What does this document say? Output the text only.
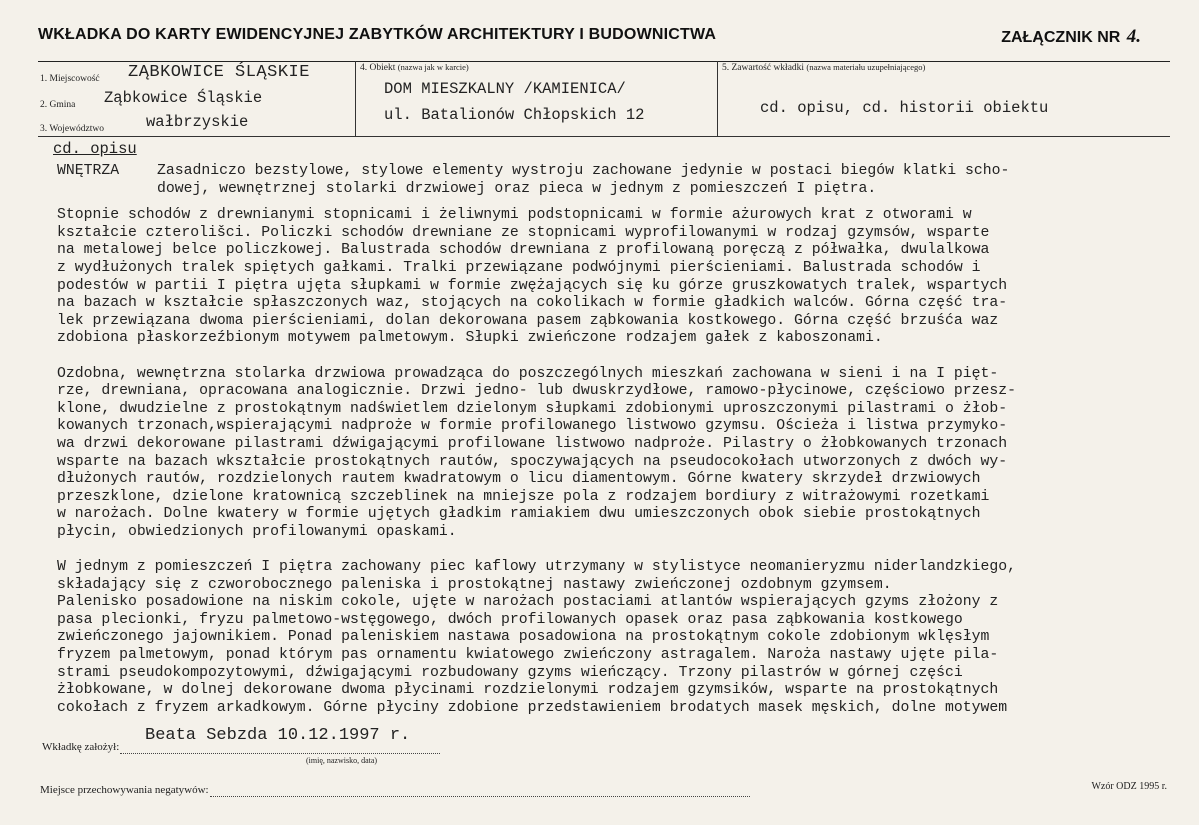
WKŁADKA DO KARTY EWIDENCYJNEJ ZABYTKÓW ARCHITEKTURY I BUDOWNICTWA	ZAŁĄCZNIK NR 4.
1. Miejscowość ZĄBKOWICE ŚLĄSKIE
2. Gmina Ząbkowice Śląskie
3. Województwo	wałbrzyskie
4. Obiekt (nazwa jak w karcie)
DOM MIESZKALNY /KAMIENICA/
ul. Batalionów Chłopskich 12
5. Zawartość wkładki (nazwa materiału uzupełniającego)
cd. opisu, cd. historii obiektu
cd. opisu
WNĘTRZA	Zasadniczo bezstylowe, stylowe elementy wystroju zachowane jedynie w postaci biegów klatki scho-
dowej, wewnętrznej stolarki drzwiowej oraz pieca w jednym z pomieszczeń I piętra.
Stopnie schodów z drewnianymi stopnicami i żeliwnymi podstopnicami w formie ażurowych krat z otworami w
kształcie czterolišci. Policzki schodów drewniane ze stopnicami wyprofilowanymi w rodzaj gzymsów, wsparte
na metalowej belce policzkowej. Balustrada schodów drewniana z profilowaną poręczą z półwałka, dwulalkowa
z wydłużonych tralek spiętych gałkami. Tralki przewiązane podwójnymi pierścieniami. Balustrada schodów i
podestów w partii I piętra ujęta słupkami w formie zwężających się ku górze gruszkowatych tralek, wspartych
na bazach w kształcie spłaszczonych waz, stojących na cokolikach w formie gładkich walców. Górna część tra-
lek przewiązana dwoma pierścieniami, dolan dekorowana pasem ząbkowania kostkowego. Górna część brzuśća waz
zdobiona płaskorzeźbionym motywem palmetowym. Słupki zwieńczone rodzajem gałek z kaboszonami.
Ozdobna, wewnętrzna stolarka drzwiowa prowadząca do poszczególnych mieszkań zachowana w sieni i na I pięt-
rze, drewniana, opracowana analogicznie. Drzwi jedno- lub dwuskrzydłowe, ramowo-płycinowe, częściowo przesz-
klone, dwudzielne z prostokątnym nadświetlem dzielonym słupkami zdobionymi uproszczonymi pilastrami o żłob-
kowanych trzonach,wspierającymi nadproże w formie profilowanego listwowo gzymsu. Ościeża i listwa przymyko-
wa drzwi dekorowane pilastrami dźwigającymi profilowane listwowo nadproże. Pilastry o żłobkowanych trzonach
wsparte na bazach wkształcie prostokątnych rautów, spoczywających na pseudocokołach utworzonych z dwóch wy-
dłużonych rautów, rozdzielonych rautem kwadratowym o licu diamentowym. Górne kwatery skrzydeł drzwiowych
przeszklone, dzielone kratownicą szczeblinek na mniejsze pola z rodzajem bordiury z witrażowymi rozetkami
w narożach. Dolne kwatery w formie ujętych gładkim ramiakiem dwu umieszczonych obok siebie prostokątnych
płycin, obwiedzionych profilowanymi opaskami.
W jednym z pomieszczeń I piętra zachowany piec kaflowy utrzymany w stylistyce neomanieryzmu niderlandzkiego,
składający się z czworobocznego paleniska i prostokątnej nastawy zwieńczonej ozdobnym gzymsem.
Palenisko posadowione na niskim cokole, ujęte w narożach postaciami atlantów wspierających gzyms złożony z
pasa plecionki, fryzu palmetowo-wstęgowego, dwóch profilowanych opasek oraz pasa ząbkowania kostkowego
zwieńczonego jajownikiem. Ponad paleniskiem nastawa posadowiona na prostokątnym cokole zdobionym wklęsłym
fryzem palmetowym, ponad którym pas ornamentu kwiatowego zwieńczony astragalem. Naroża nastawy ujęte pila-
strami pseudokompozytowymi, dźwigającymi rozbudowany gzyms wieńczący. Trzony pilastrów w górnej części
żłobkowane, w dolnej dekorowane dwoma płycinami rozdzielonymi rodzajem gzymsików, wsparte na prostokątnych
cokołach z fryzem arkadkowym. Górne płyciny zdobione przedstawieniem brodatych masek męskich, dolne motywem
Beata Sebzda 10.12.1997 r.
Wkładkę założył:
(imię, nazwisko, data)
Miejsce przechowywania negatywów:	Wzór ODZ 1995 r.
